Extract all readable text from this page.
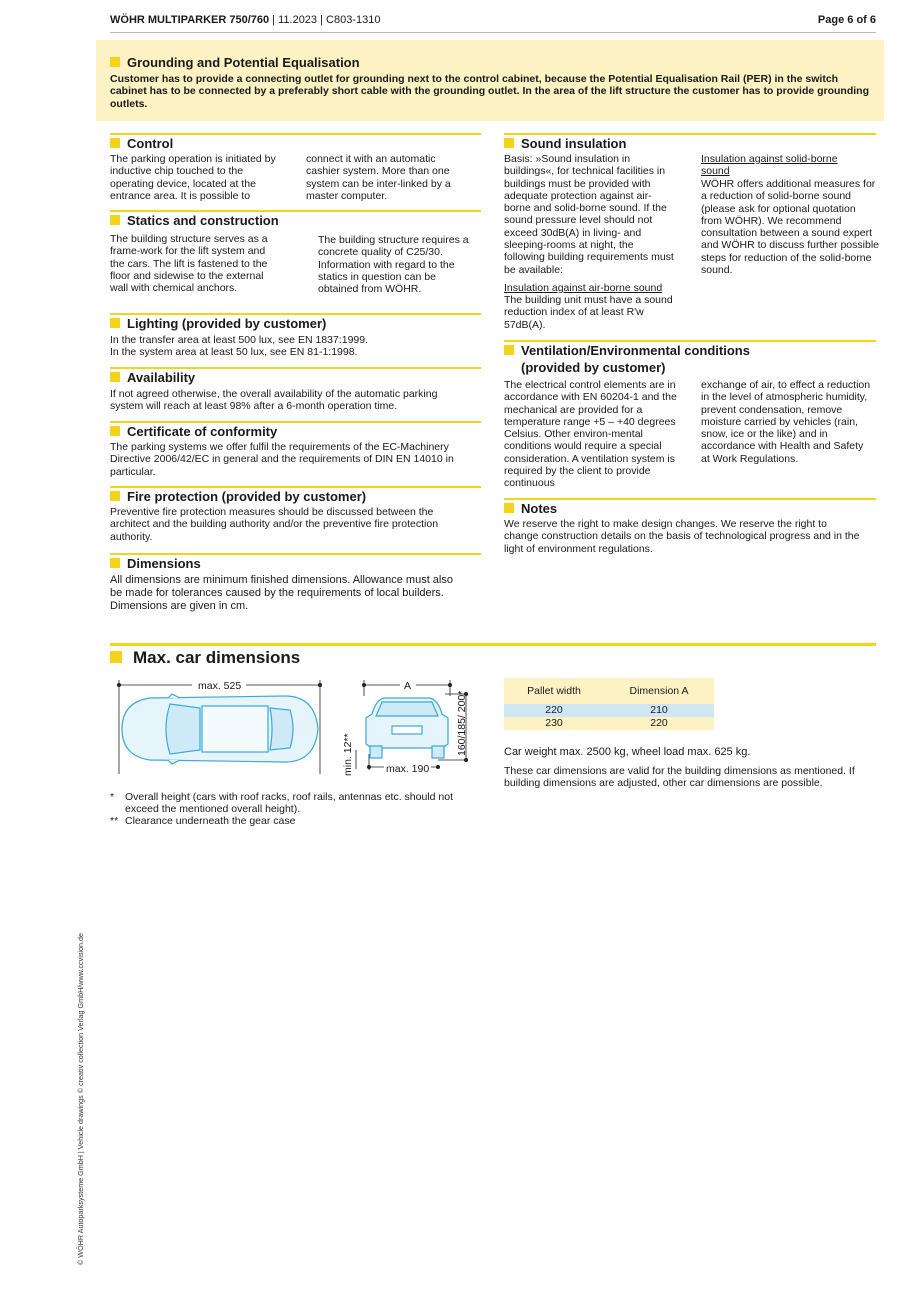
WÖHR MULTIPARKER 750/760 | 11.2023 | C803-1310	Page 6 of 6
Grounding and Potential Equalisation
Customer has to provide a connecting outlet for grounding next to the control cabinet, because the Potential Equalisation Rail (PER) in the switch cabinet has to be connected by a preferably short cable with the grounding outlet. In the area of the lift structure the customer has to provide grounding outlets.
Control
The parking operation is initiated by inductive chip touched to the operating device, located at the entrance area. It is possible to
connect it with an automatic cashier system. More than one system can be inter-linked by a master computer.
Statics and construction
The building structure serves as a frame-work for the lift system and the cars. The lift is fastened to the floor and sidewise to the external wall with chemical anchors.
The building structure requires a concrete quality of C25/30. Information with regard to the statics in question can be obtained from WÖHR.
Lighting (provided by customer)
In the transfer area at least 500 lux, see EN 1837:1999.
In the system area at least 50 lux, see EN 81-1:1998.
Availability
If not agreed otherwise, the overall availability of the automatic parking system will reach at least 98% after a 6-month operation time.
Certificate of conformity
The parking systems we offer fulfil the requirements of the EC-Machinery Directive 2006/42/EC in general and the requirements of DIN EN 14010 in particular.
Fire protection (provided by customer)
Preventive fire protection measures should be discussed between the architect and the building authority and/or the preventive fire protection authority.
Dimensions
All dimensions are minimum finished dimensions. Allowance must also be made for tolerances caused by the requirements of local builders. Dimensions are given in cm.
Sound insulation
Basis: »Sound insulation in buildings«, for technical facilities in buildings must be provided with adequate protection against air-borne and solid-borne sound. If the sound pressure level should not exceed 30dB(A) in living- and sleeping-rooms at night, the following building requirements must be available:
Insulation against air-borne sound
The building unit must have a sound reduction index of at least R'w 57dB(A).
Insulation against solid-borne sound
WÖHR offers additional measures for a reduction of solid-borne sound (please ask for optional quotation from WÖHR). We recommend consultation between a sound expert and WÖHR to discuss further possible steps for reduction of the solid-borne sound.
Ventilation/Environmental conditions
(provided by customer)
The electrical control elements are in accordance with EN 60204-1 and the mechanical are provided for a temperature range +5 – +40 degrees Celsius. Other environ-mental conditions would require a special consideration. A ventilation system is required by the client to provide continuous
exchange of air, to effect a reduction in the level of atmospheric humidity, prevent condensation, remove moisture carried by vehicles (rain, snow, ice or the like) and in accordance with Health and Safety at Work Regulations.
Notes
We reserve the right to make design changes. We reserve the right to change construction details on the basis of technological progress and in the light of environment regulations.
Max. car dimensions
max. 525	A
max. 190
160/185/ 200*
min. 12**
* Overall height (cars with roof racks, roof rails, antennas etc. should not exceed the mentioned overall height).
** Clearance underneath the gear case
Pallet width	Dimension A
220	210
230	220
Car weight max. 2500 kg, wheel load max. 625 kg.
These car dimensions are valid for the building dimensions as mentioned. If building dimensions are adjusted, other car dimensions are possible.
© WÖHR Autoparksysteme GmbH | Vehicle drawings © creativ collection Verlag GmbH/www.ccvision.de
